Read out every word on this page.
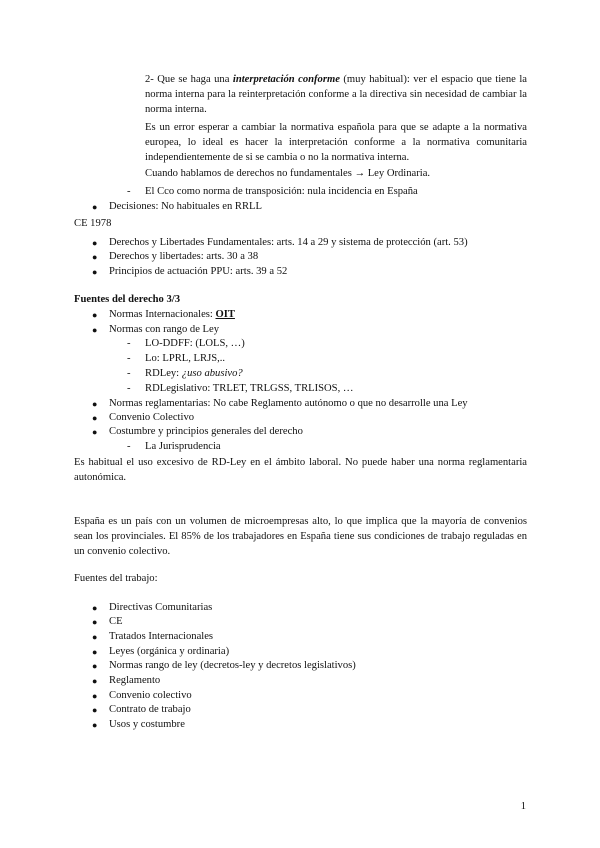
2- Que se haga una interpretación conforme (muy habitual): ver el espacio que tiene la norma interna para la reinterpretación conforme a la directiva sin necesidad de cambiar la norma interna.
Es un error esperar a cambiar la normativa española para que se adapte a la normativa europea, lo ideal es hacer la interpretación conforme a la normativa comunitaria independientemente de si se cambia o no la normativa interna.
Cuando hablamos de derechos no fundamentales → Ley Ordinaria.
- El Cco como norma de transposición: nula incidencia en España
● Decisiones: No habituales en RRLL
CE 1978
● Derechos y Libertades Fundamentales: arts. 14 a 29 y sistema de protección (art. 53)
● Derechos y libertades: arts. 30 a 38
● Principios de actuación PPU: arts. 39 a 52
Fuentes del derecho 3/3
● Normas Internacionales: OIT
● Normas con rango de Ley
- LO-DDFF: (LOLS, …)
- Lo: LPRL, LRJS,..
- RDLey: ¿uso abusivo?
- RDLegislativo: TRLET, TRLGSS, TRLISOS, …
● Normas reglamentarias: No cabe Reglamento autónomo o que no desarrolle una Ley
● Convenio Colectivo
● Costumbre y principios generales del derecho
- La Jurisprudencia
Es habitual el uso excesivo de RD-Ley en el ámbito laboral. No puede haber una norma reglamentaria autonómica.
España es un país con un volumen de microempresas alto, lo que implica que la mayoría de convenios sean los provinciales. El 85% de los trabajadores en España tiene sus condiciones de trabajo reguladas en un convenio colectivo.
Fuentes del trabajo:
● Directivas Comunitarias
● CE
● Tratados Internacionales
● Leyes (orgánica y ordinaria)
● Normas rango de ley (decretos-ley y decretos legislativos)
● Reglamento
● Convenio colectivo
● Contrato de trabajo
● Usos y costumbre
1
